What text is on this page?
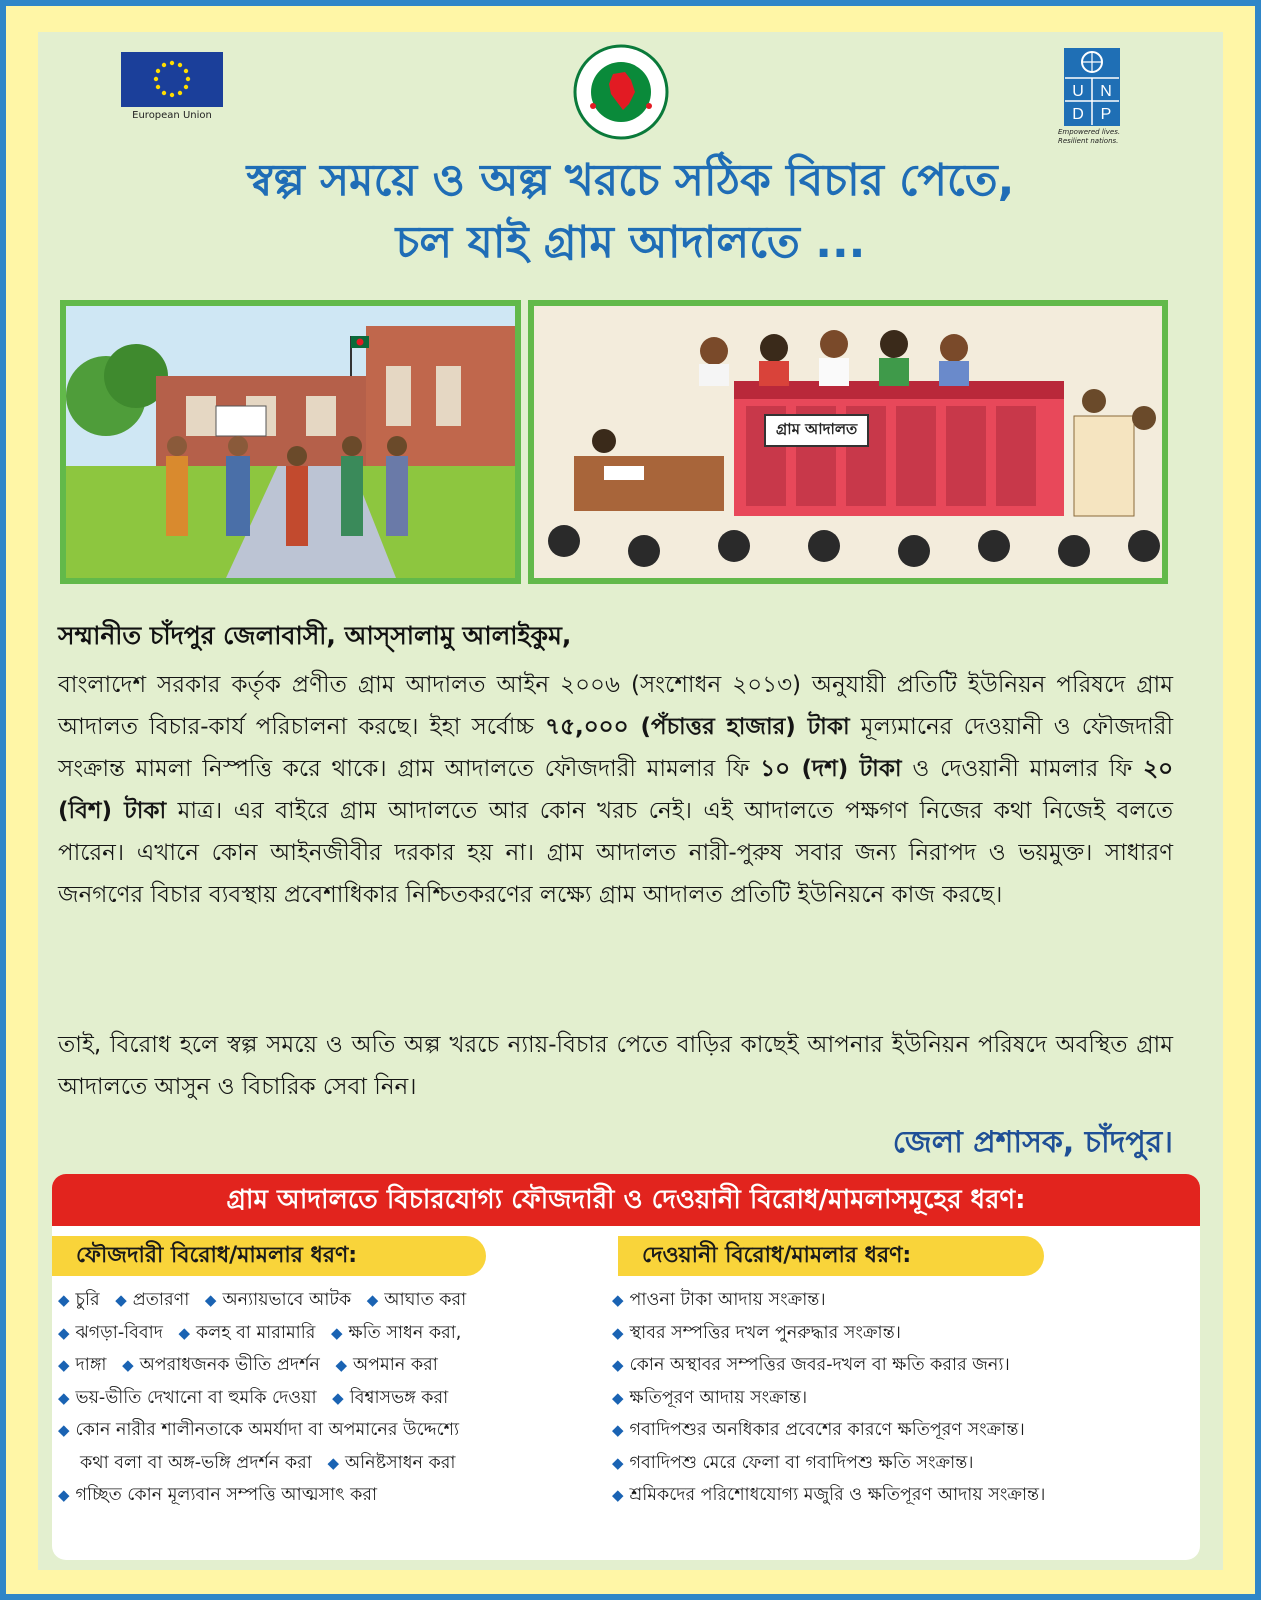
European Union
U N
D P
Empowered lives. Resilient nations.
স্বল্প সময়ে ও অল্প খরচে সঠিক বিচার পেতে,
চল যাই গ্রাম আদালতে ...
গ্রাম আদালত
সম্মানীত চাঁদপুর জেলাবাসী, আস্‌সালামু আলাইকুম,
বাংলাদেশ সরকার কর্তৃক প্রণীত গ্রাম আদালত আইন ২০০৬ (সংশোধন ২০১৩) অনুযায়ী প্রতিটি ইউনিয়ন পরিষদে গ্রাম আদালত বিচার-কার্য পরিচালনা করছে। ইহা সর্বোচ্চ ৭৫,০০০ (পঁচাত্তর হাজার) টাকা মূল্যমানের দেওয়ানী ও ফৌজদারী সংক্রান্ত মামলা নিস্পত্তি করে থাকে। গ্রাম আদালতে ফৌজদারী মামলার ফি ১০ (দশ) টাকা ও দেওয়ানী মামলার ফি ২০ (বিশ) টাকা মাত্র। এর বাইরে গ্রাম আদালতে আর কোন খরচ নেই। এই আদালতে পক্ষগণ নিজের কথা নিজেই বলতে পারেন। এখানে কোন আইনজীবীর দরকার হয় না। গ্রাম আদালত নারী-পুরুষ সবার জন্য নিরাপদ ও ভয়মুক্ত। সাধারণ জনগণের বিচার ব্যবস্থায় প্রবেশাধিকার নিশ্চিতকরণের লক্ষ্যে গ্রাম আদালত প্রতিটি ইউনিয়নে কাজ করছে।
তাই, বিরোধ হলে স্বল্প সময়ে ও অতি অল্প খরচে ন্যায়-বিচার পেতে বাড়ির কাছেই আপনার ইউনিয়ন পরিষদে অবস্থিত গ্রাম আদালতে আসুন ও বিচারিক সেবা নিন।
জেলা প্রশাসক, চাঁদপুর।
গ্রাম আদালতে বিচারযোগ্য ফৌজদারী ও দেওয়ানী বিরোধ/মামলাসমূহের ধরণ:
ফৌজদারী বিরোধ/মামলার ধরণ:	দেওয়ানী বিরোধ/মামলার ধরণ:
◆ চুরি ◆ প্রতারণা ◆ অন্যায়ভাবে আটক ◆ আঘাত করা
◆ ঝগড়া-বিবাদ ◆ কলহ বা মারামারি ◆ ক্ষতি সাধন করা,
◆ দাঙ্গা ◆ অপরাধজনক ভীতি প্রদর্শন ◆ অপমান করা
◆ ভয়-ভীতি দেখানো বা হুমকি দেওয়া ◆ বিশ্বাসভঙ্গ করা
◆ কোন নারীর শালীনতাকে অমর্যাদা বা অপমানের উদ্দেশ্যে
কথা বলা বা অঙ্গ-ভঙ্গি প্রদর্শন করা ◆ অনিষ্টসাধন করা
◆ গচ্ছিত কোন মূল্যবান সম্পত্তি আত্মসাৎ করা
◆ পাওনা টাকা আদায় সংক্রান্ত।
◆ স্থাবর সম্পত্তির দখল পুনরুদ্ধার সংক্রান্ত।
◆ কোন অস্থাবর সম্পত্তির জবর-দখল বা ক্ষতি করার জন্য।
◆ ক্ষতিপূরণ আদায় সংক্রান্ত।
◆ গবাদিপশুর অনধিকার প্রবেশের কারণে ক্ষতিপূরণ সংক্রান্ত।
◆ গবাদিপশু মেরে ফেলা বা গবাদিপশু ক্ষতি সংক্রান্ত।
◆ শ্রমিকদের পরিশোধযোগ্য মজুরি ও ক্ষতিপূরণ আদায় সংক্রান্ত।
